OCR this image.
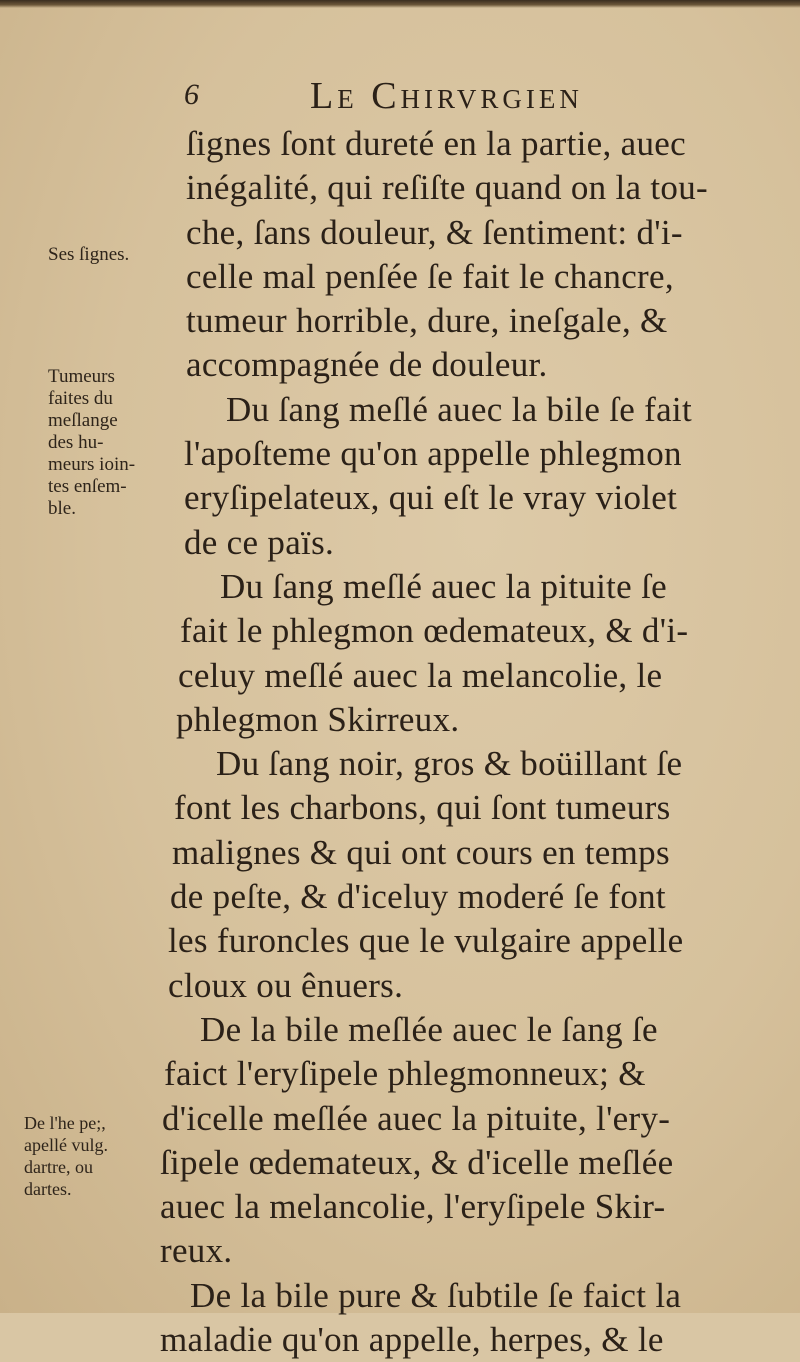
6	Le Chirvrgien
Ses ſignes.
Tumeurs
faites du
meſlange
des hu-
meurs ioin-
tes enſem-
ble.
De l'he pe;,
apellé vulg.
dartre, ou
dartes.
ſignes ſont dureté en la partie, auec
inégalité, qui reſiſte quand on la tou-
che, ſans douleur, & ſentiment: d'i-
celle mal penſée ſe fait le chancre,
tumeur horrible, dure, ineſgale, &
accompagnée de douleur.
Du ſang meſlé auec la bile ſe fait
l'apoſteme qu'on appelle phlegmon
eryſipelateux, qui eſt le vray violet
de ce païs.
Du ſang meſlé auec la pituite ſe
fait le phlegmon œdemateux, & d'i-
celuy meſlé auec la melancolie, le
phlegmon Skirreux.
Du ſang noir, gros & boüillant ſe
font les charbons, qui ſont tumeurs
malignes & qui ont cours en temps
de peſte, & d'iceluy moderé ſe font
les furoncles que le vulgaire appelle
cloux ou ênuers.
De la bile meſlée auec le ſang ſe
faict l'eryſipele phlegmonneux; &
d'icelle meſlée auec la pituite, l'ery-
ſipele œdemateux, & d'icelle meſlée
auec la melancolie, l'eryſipele Skir-
reux.
De la bile pure & ſubtile ſe faict la
maladie qu'on appelle, herpes, & le
